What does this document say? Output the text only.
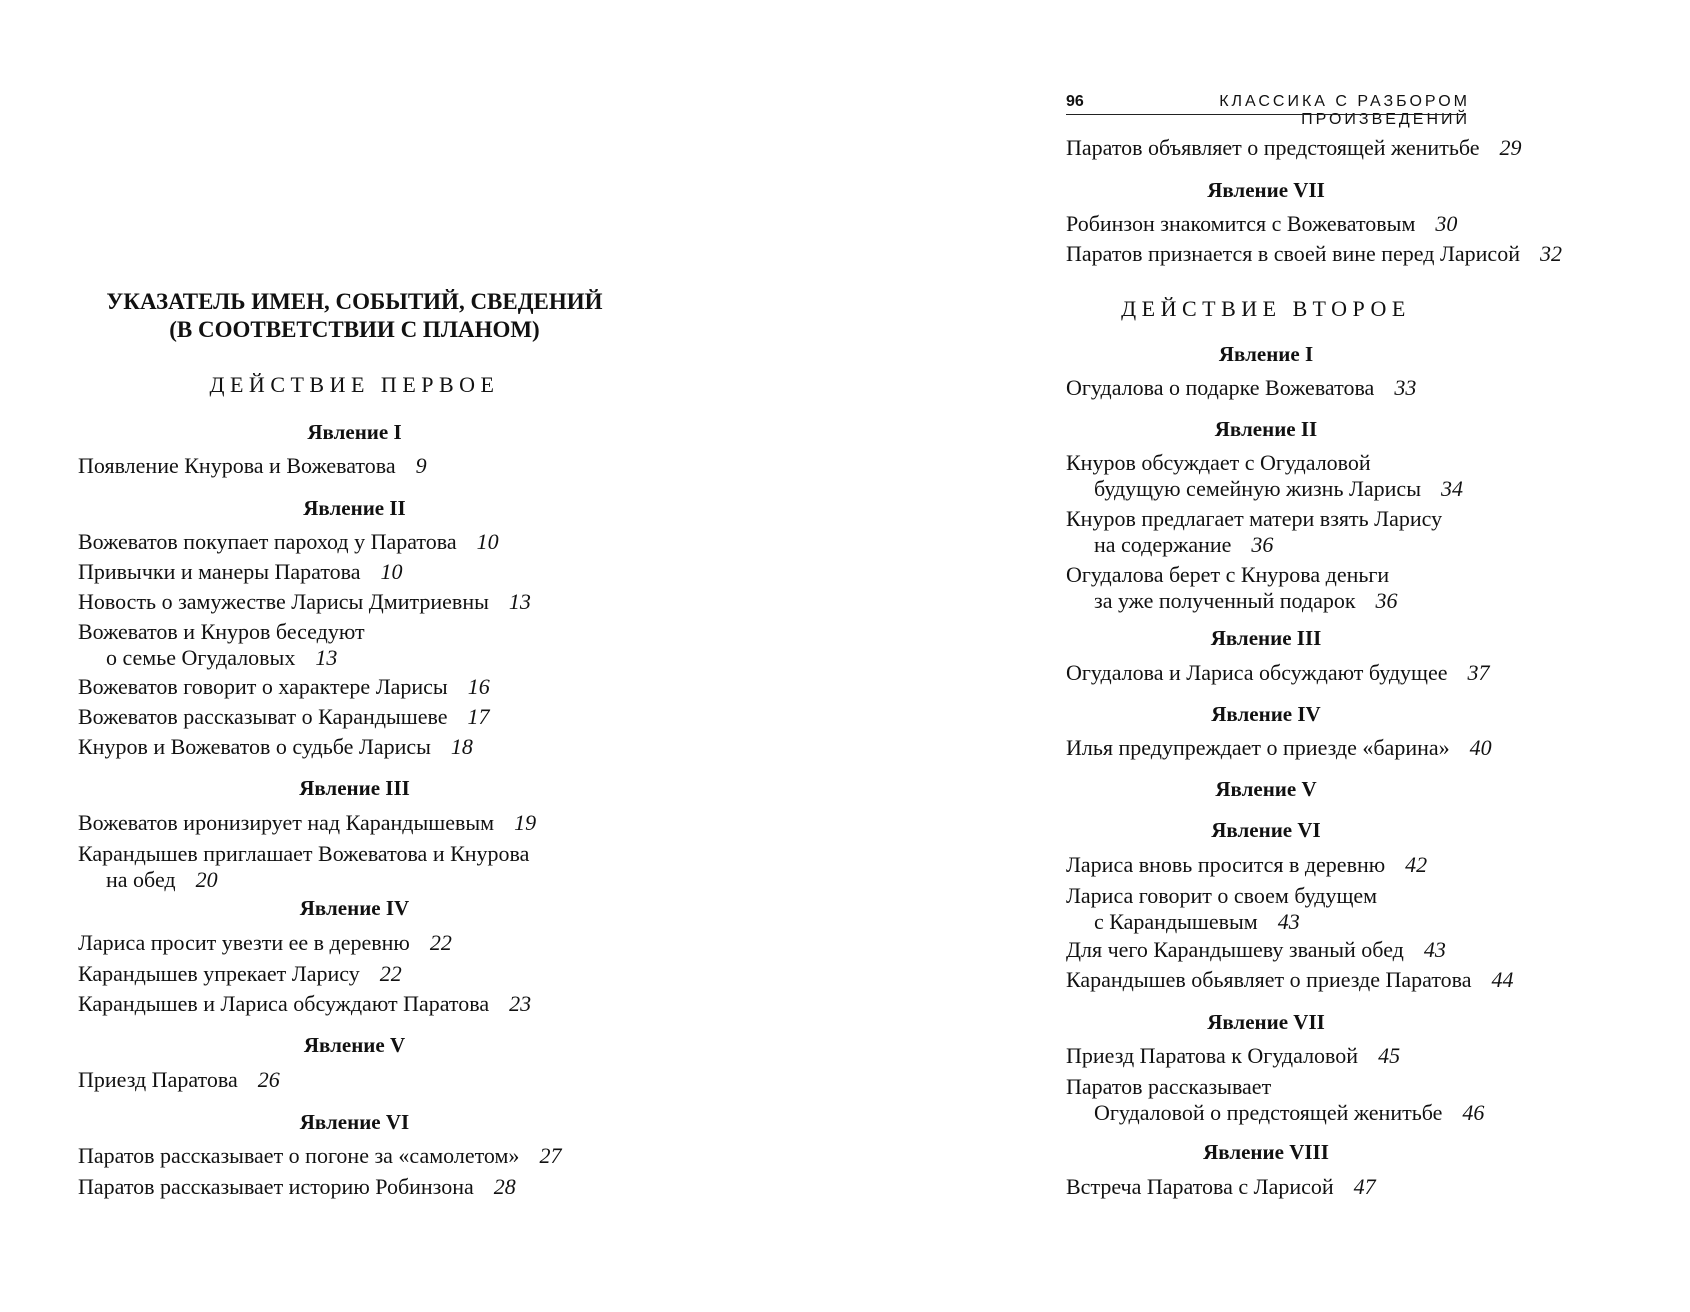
УКАЗАТЕЛЬ ИМЕН, СОБЫТИЙ, СВЕДЕНИЙ
(В СООТВЕТСТВИИ С ПЛАНОМ)
ДЕЙСТВИЕ ПЕРВОЕ
Явление I
Появление Кнурова и Вожеватова 9
Явление II
Вожеватов покупает пароход у Паратова 10
Привычки и манеры Паратова 10
Новость о замужестве Ларисы Дмитриевны 13
Вожеватов и Кнуров беседуют
о семье Огудаловых 13
Вожеватов говорит о характере Ларисы 16
Вожеватов рассказыват о Карандышеве 17
Кнуров и Вожеватов о судьбе Ларисы 18
Явление III
Вожеватов иронизирует над Карандышевым 19
Карандышев приглашает Вожеватова и Кнурова
на обед 20
Явление IV
Лариса просит увезти ее в деревню 22
Карандышев упрекает Ларису 22
Карандышев и Лариса обсуждают Паратова 23
Явление V
Приезд Паратова 26
Явление VI
Паратов рассказывает о погоне за «самолетом» 27
Паратов рассказывает историю Робинзона 28
96	КЛАССИКА С РАЗБОРОМ ПРОИЗВЕДЕНИЙ
Паратов объявляет о предстоящей женитьбе 29
Явление VII
Робинзон знакомится с Вожеватовым 30
Паратов признается в своей вине перед Ларисой 32
ДЕЙСТВИЕ ВТОРОЕ
Явление I
Огудалова о подарке Вожеватова 33
Явление II
Кнуров обсуждает с Огудаловой
будущую семейную жизнь Ларисы 34
Кнуров предлагает матери взять Ларису
на содержание 36
Огудалова берет с Кнурова деньги
за уже полученный подарок 36
Явление III
Огудалова и Лариса обсуждают будущее 37
Явление IV
Илья предупреждает о приезде «барина» 40
Явление V
Явление VI
Лариса вновь просится в деревню 42
Лариса говорит о своем будущем
с Карандышевым 43
Для чего Карандышеву званый обед 43
Карандышев обьявляет о приезде Паратова 44
Явление VII
Приезд Паратова к Огудаловой 45
Паратов рассказывает
Огудаловой о предстоящей женитьбе 46
Явление VIII
Встреча Паратова с Ларисой 47
